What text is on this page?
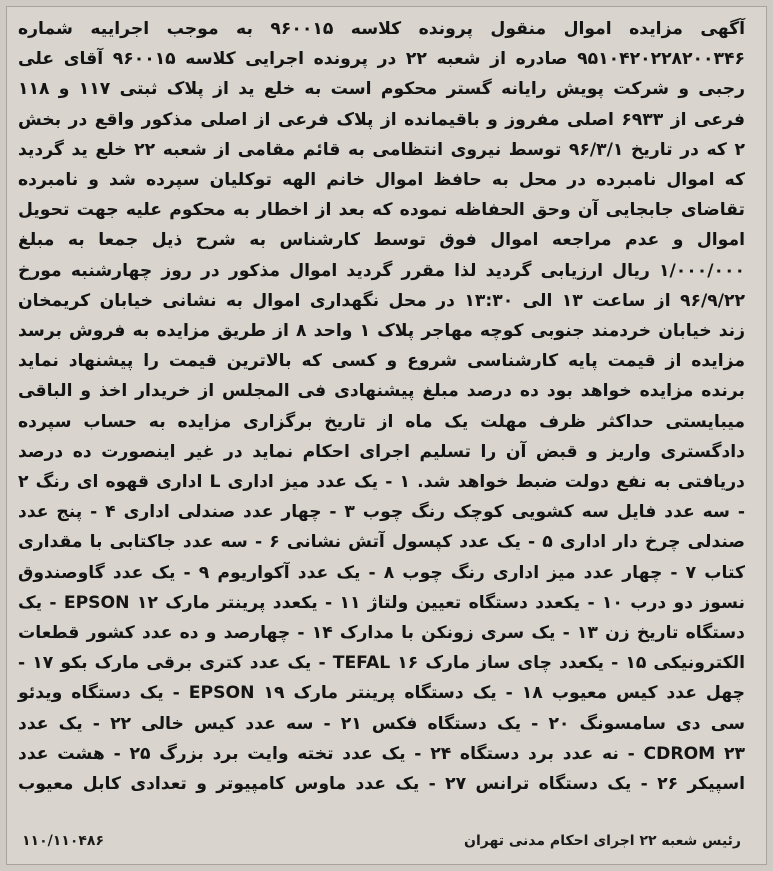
آگهی مزایده اموال منقول پرونده کلاسه ۹۶۰۰۱۵ به موجب اجراییه شماره ۹۵۱۰۴۲۰۲۲۸۲۰۰۳۴۶ صادره از شعبه ۲۲ در پرونده اجرایی کلاسه ۹۶۰۰۱۵ آقای علی رجبی و شرکت پویش رایانه گستر محکوم است به خلع ید از پلاک ثبتی ۱۱۷ و ۱۱۸ فرعی از ۶۹۳۳ اصلی مفروز و باقیمانده از پلاک فرعی از اصلی مذکور واقع در بخش ۲ که در تاریخ ۹۶/۳/۱ توسط نیروی انتظامی به قائم مقامی از شعبه ۲۲ خلع ید گردید که اموال نامبرده در محل به حافظ اموال خانم الهه توکلیان سپرده شد و نامبرده تقاضای جابجایی آن وحق الحفاظه نموده که بعد از اخطار به محکوم علیه جهت تحویل اموال و عدم مراجعه اموال فوق توسط کارشناس به شرح ذیل جمعا به مبلغ ۱/۰۰۰/۰۰۰ ریال ارزیابی گردید لذا مقرر گردید اموال مذکور در روز چهارشنبه مورخ ۹۶/۹/۲۲ از ساعت ۱۳ الی ۱۳:۳۰ در محل نگهداری اموال به نشانی خیابان کریمخان زند خیابان خردمند جنوبی کوچه مهاجر پلاک ۱ واحد ۸ از طریق مزایده به فروش برسد مزایده از قیمت پایه کارشناسی شروع و کسی که بالاترین قیمت را پیشنهاد نماید برنده مزایده خواهد بود ده درصد مبلغ پیشنهادی فی المجلس از خریدار اخذ و الباقی میبایستی حداکثر ظرف مهلت یک ماه از تاریخ برگزاری مزایده به حساب سپرده دادگستری واریز و قبض آن را تسلیم اجرای احکام نماید در غیر اینصورت ده درصد دریافتی به نفع دولت ضبط خواهد شد. ۱ - یک عدد میز اداری L اداری قهوه ای رنگ ۲ - سه عدد فایل سه کشویی کوچک رنگ چوب ۳ - چهار عدد صندلی اداری ۴ - پنج عدد صندلی چرخ دار اداری ۵ - یک عدد کپسول آتش نشانی ۶ - سه عدد جاکتابی با مقداری کتاب ۷ - چهار عدد میز اداری رنگ چوب ۸ - یک عدد آکواریوم ۹ - یک عدد گاوصندوق نسوز دو درب ۱۰ - یکعدد دستگاه تعیین ولتاژ ۱۱ - یکعدد پرینتر مارک EPSON ۱۲ - یک دستگاه تاریخ زن ۱۳ - یک سری زونکن با مدارک ۱۴ - چهارصد و ده عدد کشور قطعات الکترونیکی ۱۵ - یکعدد چای ساز مارک TEFAL ۱۶ - یک عدد کتری برقی مارک بکو ۱۷ - چهل عدد کیس معیوب ۱۸ - یک دستگاه پرینتر مارک EPSON ۱۹ - یک دستگاه ویدئو سی دی سامسونگ ۲۰ - یک دستگاه فکس ۲۱ - سه عدد کیس خالی ۲۲ - یک عدد CDROM ۲۳ - نه عدد برد دستگاه ۲۴ - یک عدد تخته وایت برد بزرگ ۲۵ - هشت عدد اسپیکر ۲۶ - یک دستگاه ترانس ۲۷ - یک عدد ماوس کامپیوتر و تعدادی کابل معیوب

رئیس شعبه ۲۲ اجرای احکام مدنی تهران
۱۱۰/۱۱۰۴۸۶
